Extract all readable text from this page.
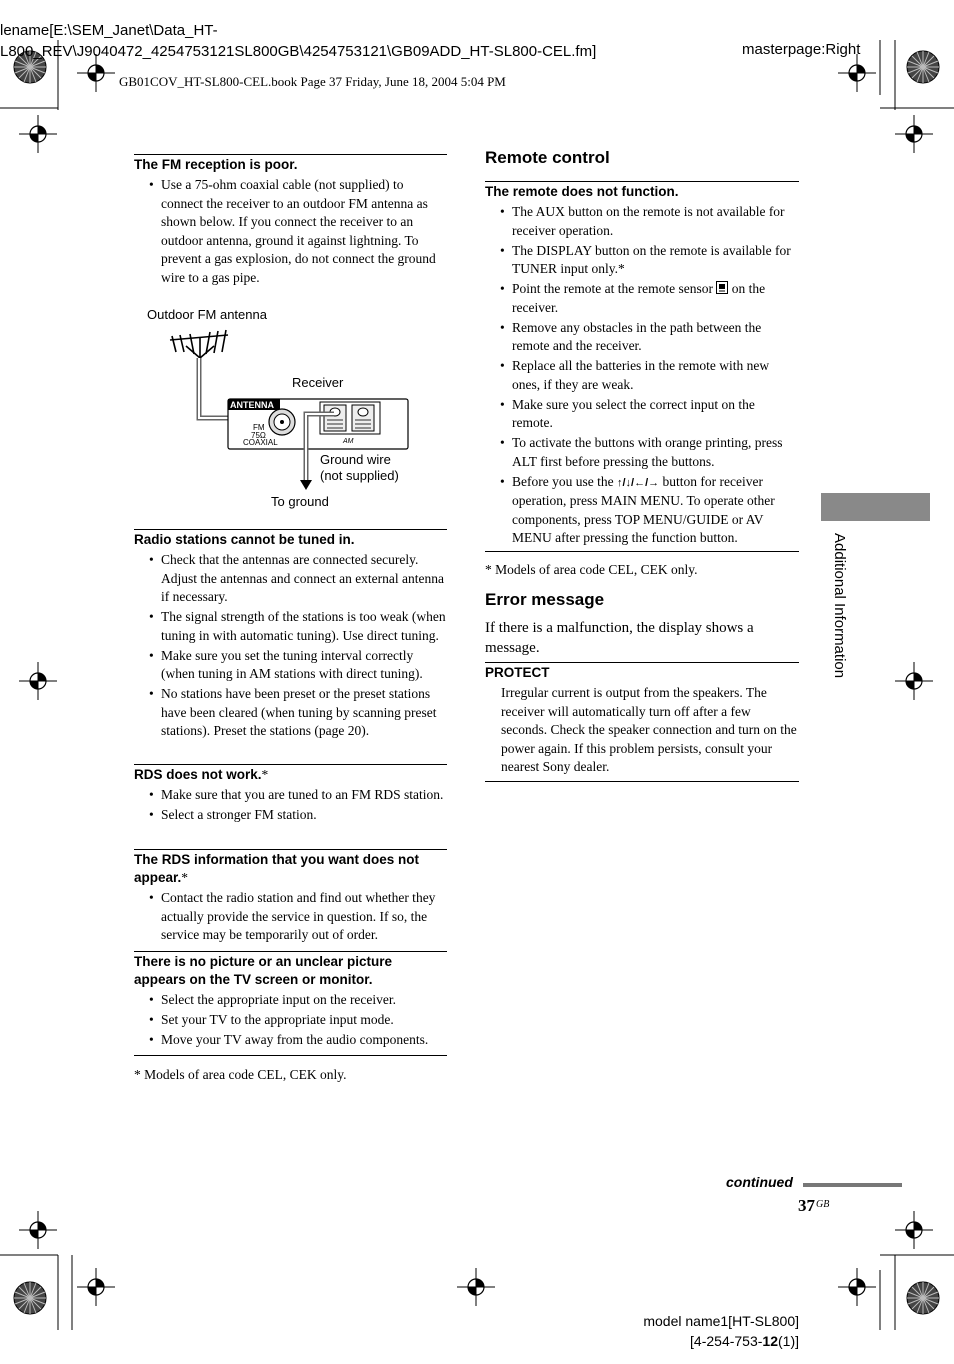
lename[E:\SEM_Janet\Data_HT-
L800_REV\J9040472_4254753121SL800GB\4254753121\GB09ADD_HT-SL800-CEL.fm]	masterpage:Right
GB01COV_HT-SL800-CEL.book Page 37 Friday, June 18, 2004 5:04 PM

The FM reception is poor.

• Use a 75-ohm coaxial cable (not supplied) to connect the receiver to an outdoor FM antenna as shown below. If you connect the receiver to an outdoor antenna, ground it against lightning. To prevent a gas explosion, do not connect the ground wire to a gas pipe.
Outdoor FM antenna
Receiver
ANTENNA
FM
75Ω
COAXIAL	AM
Ground wire
(not supplied)
To ground

Radio stations cannot be tuned in.

• Check that the antennas are connected securely. Adjust the antennas and connect an external antenna if necessary.
• The signal strength of the stations is too weak (when tuning in with automatic tuning). Use direct tuning.
• Make sure you set the tuning interval correctly (when tuning in AM stations with direct tuning).
• No stations have been preset or the preset stations have been cleared (when tuning by scanning preset stations). Preset the stations (page 20).

RDS does not work.*

• Make sure that you are tuned to an FM RDS station.
• Select a stronger FM station.

The RDS information that you want does not appear.*

• Contact the radio station and find out whether they actually provide the service in question. If so, the service may be temporarily out of order.

There is no picture or an unclear picture appears on the TV screen or monitor.

• Select the appropriate input on the receiver.
• Set your TV to the appropriate input mode.
• Move your TV away from the audio components.
* Models of area code CEL, CEK only.
Remote control

The remote does not function.

• The AUX button on the remote is not available for receiver operation.
• The DISPLAY button on the remote is available for TUNER input only.*
• Point the remote at the remote sensor  on the receiver.
• Remove any obstacles in the path between the remote and the receiver.
• Replace all the batteries in the remote with new ones, if they are weak.
• Make sure you select the correct input on the remote.
• To activate the buttons with orange printing, press ALT first before pressing the buttons.
• Before you use the ↑/↓/←/→ button for receiver operation, press MAIN MENU. To operate other components, press TOP MENU/GUIDE or AV MENU after pressing the function button.
* Models of area code CEL, CEK only.
Error message
If there is a malfunction, the display shows a message.

PROTECT

Irregular current is output from the speakers. The receiver will automatically turn off after a few seconds. Check the speaker connection and turn on the power again. If this problem persists, consult your nearest Sony dealer.
Additional Information
continued
$37^{GB}$
model name1[HT-SL800]
[4-254-753-12(1)]
